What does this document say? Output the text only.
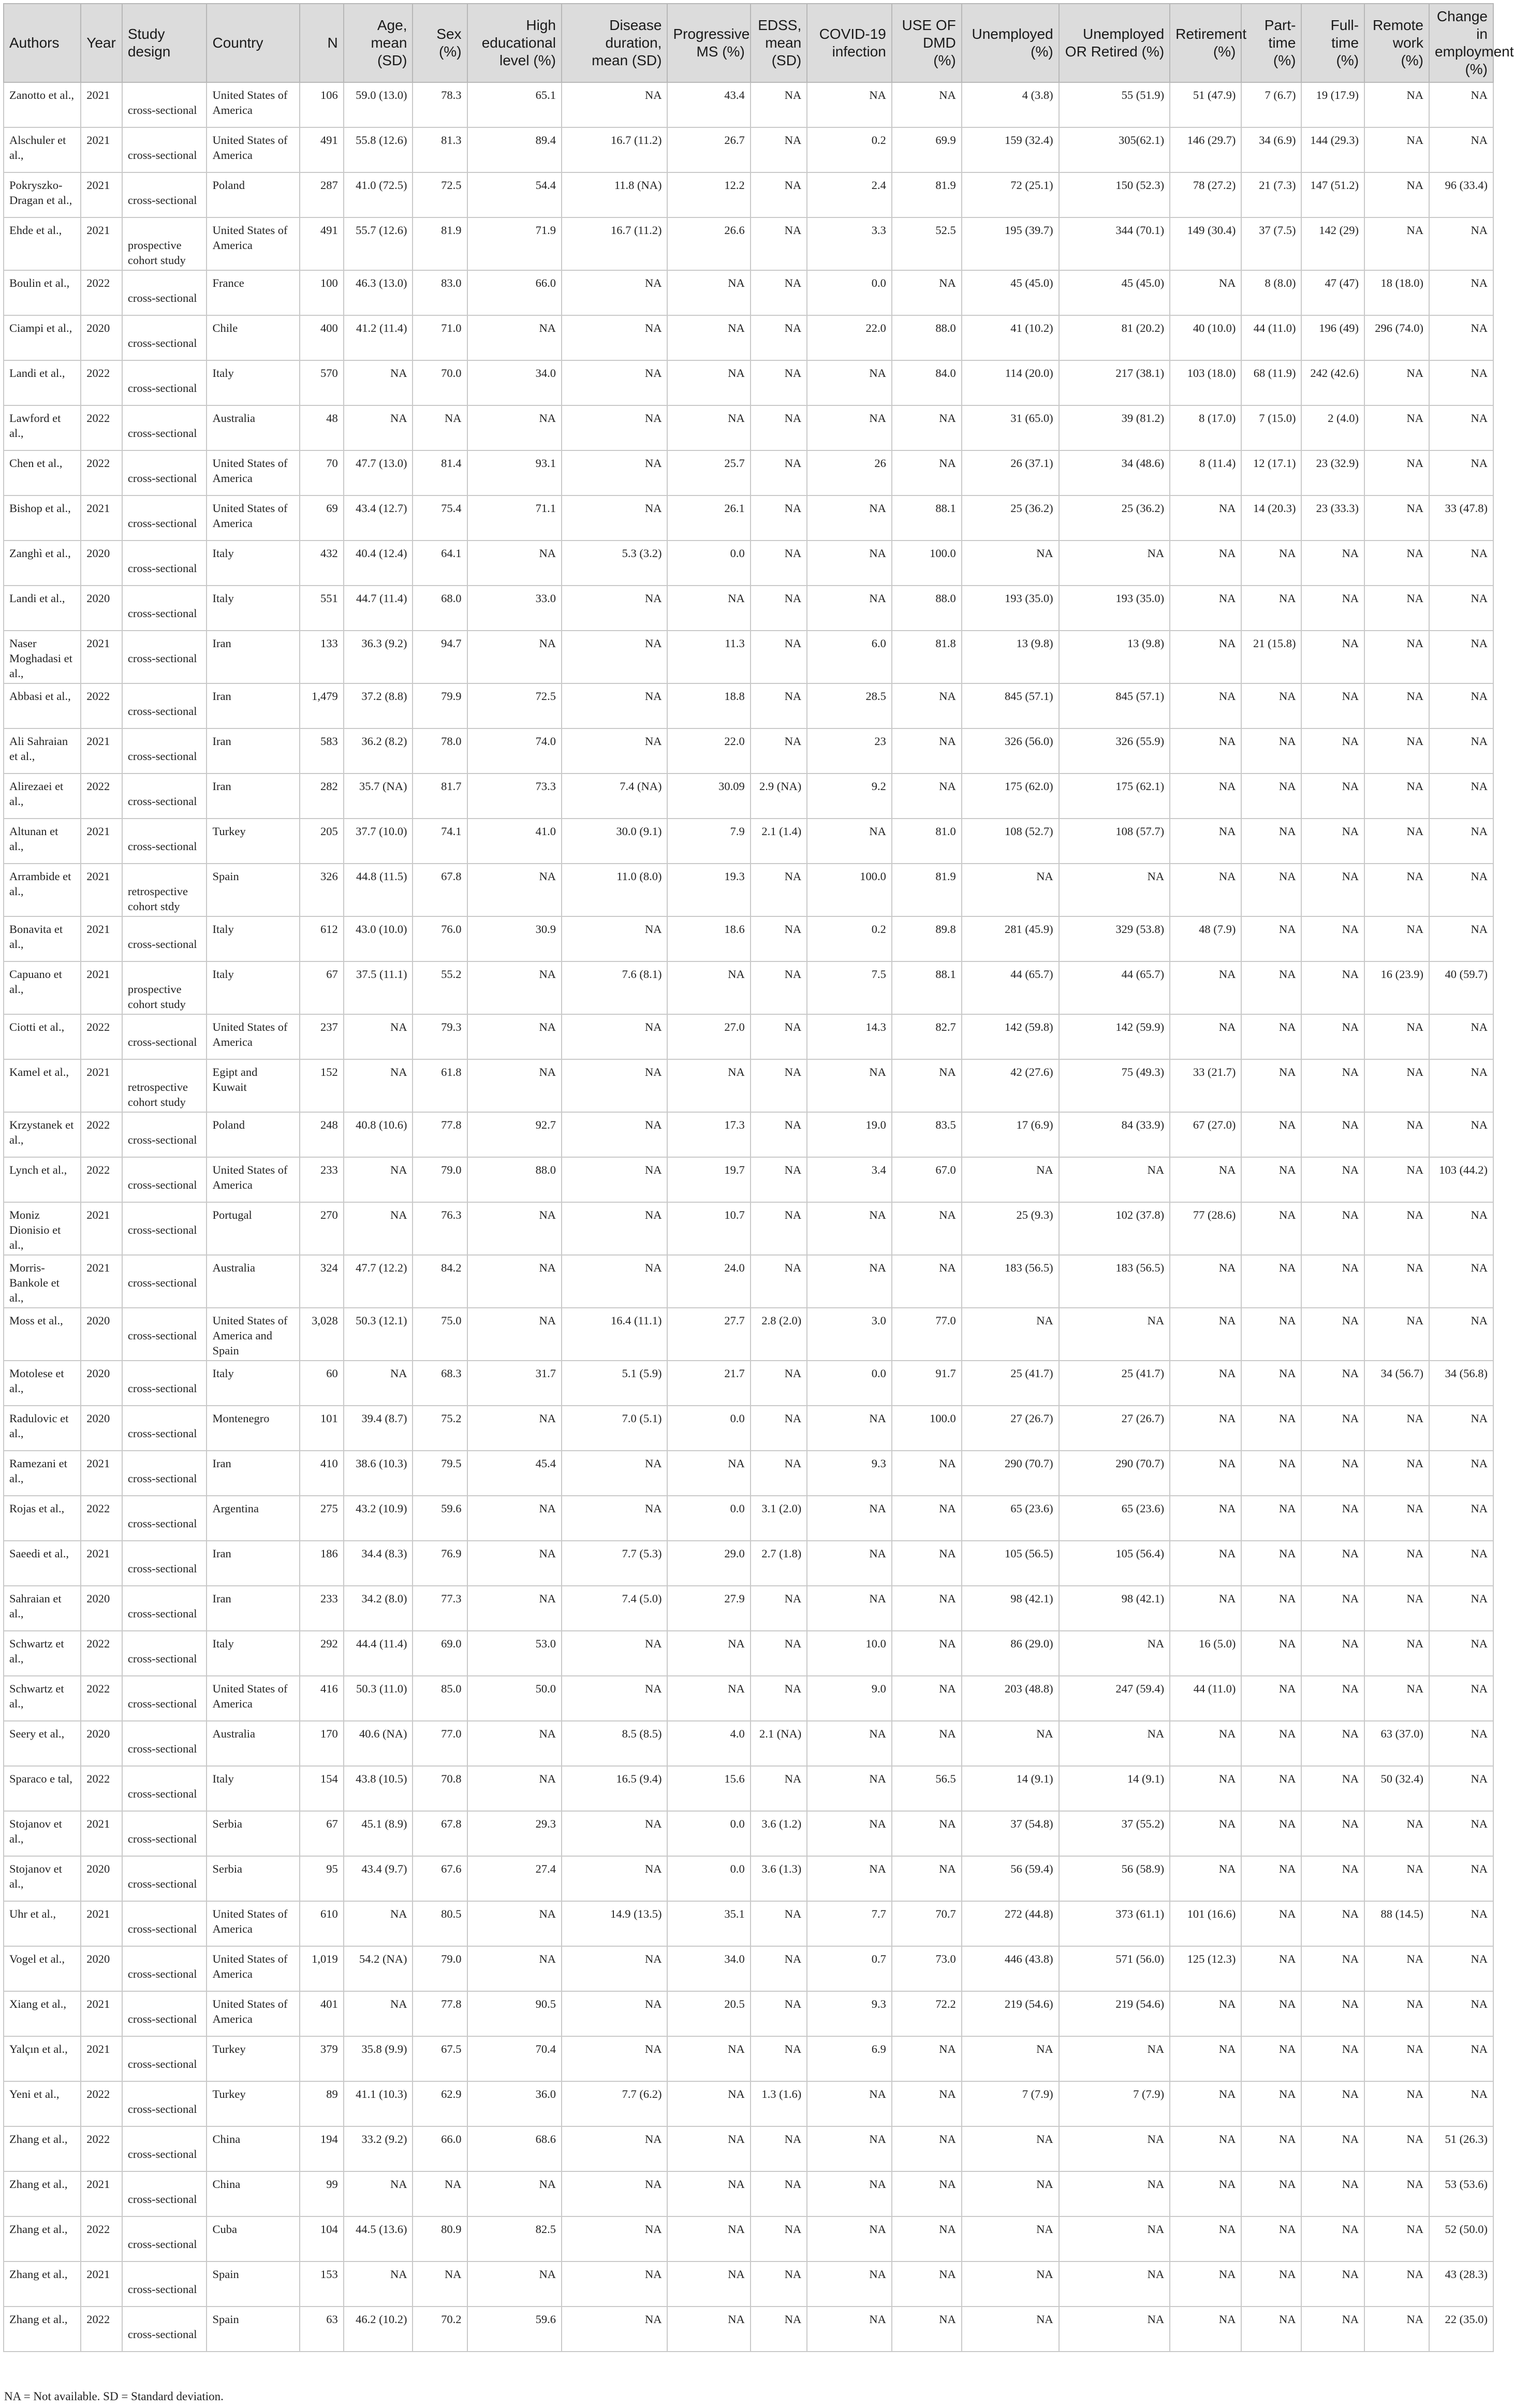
Authors	Year	Study design	Country	N	Age, mean (SD)	Sex (%)	High educational level (%)	Disease duration, mean (SD)	Progressive MS (%)	EDSS, mean (SD)	COVID-19 infection	USE OF DMD (%)	Unemployed (%)	Unemployed OR Retired (%)	Retirement (%)	Part-time (%)	Full-time (%)	Remote work (%)	Change in employment (%)
Zanotto et al.,	2021	cross-sectional	United States of America	106	59.0 (13.0)	78.3	65.1	NA	43.4	NA	NA	NA	4 (3.8)	55 (51.9)	51 (47.9)	7 (6.7)	19 (17.9)	NA	NA
Alschuler et al.,	2021	cross-sectional	United States of America	491	55.8 (12.6)	81.3	89.4	16.7 (11.2)	26.7	NA	0.2	69.9	159 (32.4)	305(62.1)	146 (29.7)	34 (6.9)	144 (29.3)	NA	NA
Pokryszko-Dragan et al.,	2021	cross-sectional	Poland	287	41.0 (72.5)	72.5	54.4	11.8 (NA)	12.2	NA	2.4	81.9	72 (25.1)	150 (52.3)	78 (27.2)	21 (7.3)	147 (51.2)	NA	96 (33.4)
Ehde et al.,	2021	prospective cohort study	United States of America	491	55.7 (12.6)	81.9	71.9	16.7 (11.2)	26.6	NA	3.3	52.5	195 (39.7)	344 (70.1)	149 (30.4)	37 (7.5)	142 (29)	NA	NA
Boulin et al.,	2022	cross-sectional	France	100	46.3 (13.0)	83.0	66.0	NA	NA	NA	0.0	NA	45 (45.0)	45 (45.0)	NA	8 (8.0)	47 (47)	18 (18.0)	NA
Ciampi et al.,	2020	cross-sectional	Chile	400	41.2 (11.4)	71.0	NA	NA	NA	NA	22.0	88.0	41 (10.2)	81 (20.2)	40 (10.0)	44 (11.0)	196 (49)	296 (74.0)	NA
Landi et al.,	2022	cross-sectional	Italy	570	NA	70.0	34.0	NA	NA	NA	NA	84.0	114 (20.0)	217 (38.1)	103 (18.0)	68 (11.9)	242 (42.6)	NA	NA
Lawford et al.,	2022	cross-sectional	Australia	48	NA	NA	NA	NA	NA	NA	NA	NA	31 (65.0)	39 (81.2)	8 (17.0)	7 (15.0)	2 (4.0)	NA	NA
Chen et al.,	2022	cross-sectional	United States of America	70	47.7 (13.0)	81.4	93.1	NA	25.7	NA	26	NA	26 (37.1)	34 (48.6)	8 (11.4)	12 (17.1)	23 (32.9)	NA	NA
Bishop et al.,	2021	cross-sectional	United States of America	69	43.4 (12.7)	75.4	71.1	NA	26.1	NA	NA	88.1	25 (36.2)	25 (36.2)	NA	14 (20.3)	23 (33.3)	NA	33 (47.8)
Zanghì et al.,	2020	cross-sectional	Italy	432	40.4 (12.4)	64.1	NA	5.3 (3.2)	0.0	NA	NA	100.0	NA	NA	NA	NA	NA	NA	NA
Landi et al.,	2020	cross-sectional	Italy	551	44.7 (11.4)	68.0	33.0	NA	NA	NA	NA	88.0	193 (35.0)	193 (35.0)	NA	NA	NA	NA	NA
Naser Moghadasi et al.,	2021	cross-sectional	Iran	133	36.3 (9.2)	94.7	NA	NA	11.3	NA	6.0	81.8	13 (9.8)	13 (9.8)	NA	21 (15.8)	NA	NA	NA
Abbasi et al.,	2022	cross-sectional	Iran	1,479	37.2 (8.8)	79.9	72.5	NA	18.8	NA	28.5	NA	845 (57.1)	845 (57.1)	NA	NA	NA	NA	NA
Ali Sahraian et al.,	2021	cross-sectional	Iran	583	36.2 (8.2)	78.0	74.0	NA	22.0	NA	23	NA	326 (56.0)	326 (55.9)	NA	NA	NA	NA	NA
Alirezaei et al.,	2022	cross-sectional	Iran	282	35.7 (NA)	81.7	73.3	7.4 (NA)	30.09	2.9 (NA)	9.2	NA	175 (62.0)	175 (62.1)	NA	NA	NA	NA	NA
Altunan et al.,	2021	cross-sectional	Turkey	205	37.7 (10.0)	74.1	41.0	30.0 (9.1)	7.9	2.1 (1.4)	NA	81.0	108 (52.7)	108 (57.7)	NA	NA	NA	NA	NA
Arrambide et al.,	2021	retrospective cohort stdy	Spain	326	44.8 (11.5)	67.8	NA	11.0 (8.0)	19.3	NA	100.0	81.9	NA	NA	NA	NA	NA	NA	NA
Bonavita et al.,	2021	cross-sectional	Italy	612	43.0 (10.0)	76.0	30.9	NA	18.6	NA	0.2	89.8	281 (45.9)	329 (53.8)	48 (7.9)	NA	NA	NA	NA
Capuano et al.,	2021	prospective cohort study	Italy	67	37.5 (11.1)	55.2	NA	7.6 (8.1)	NA	NA	7.5	88.1	44 (65.7)	44 (65.7)	NA	NA	NA	16 (23.9)	40 (59.7)
Ciotti et al.,	2022	cross-sectional	United States of America	237	NA	79.3	NA	NA	27.0	NA	14.3	82.7	142 (59.8)	142 (59.9)	NA	NA	NA	NA	NA
Kamel et al.,	2021	retrospective cohort study	Egipt and Kuwait	152	NA	61.8	NA	NA	NA	NA	NA	NA	42 (27.6)	75 (49.3)	33 (21.7)	NA	NA	NA	NA
Krzystanek et al.,	2022	cross-sectional	Poland	248	40.8 (10.6)	77.8	92.7	NA	17.3	NA	19.0	83.5	17 (6.9)	84 (33.9)	67 (27.0)	NA	NA	NA	NA
Lynch et al.,	2022	cross-sectional	United States of America	233	NA	79.0	88.0	NA	19.7	NA	3.4	67.0	NA	NA	NA	NA	NA	NA	103 (44.2)
Moniz Dionisio et al.,	2021	cross-sectional	Portugal	270	NA	76.3	NA	NA	10.7	NA	NA	NA	25 (9.3)	102 (37.8)	77 (28.6)	NA	NA	NA	NA
Morris-Bankole et al.,	2021	cross-sectional	Australia	324	47.7 (12.2)	84.2	NA	NA	24.0	NA	NA	NA	183 (56.5)	183 (56.5)	NA	NA	NA	NA	NA
Moss et al.,	2020	cross-sectional	United States of America and Spain	3,028	50.3 (12.1)	75.0	NA	16.4 (11.1)	27.7	2.8 (2.0)	3.0	77.0	NA	NA	NA	NA	NA	NA	NA
Motolese et al.,	2020	cross-sectional	Italy	60	NA	68.3	31.7	5.1 (5.9)	21.7	NA	0.0	91.7	25 (41.7)	25 (41.7)	NA	NA	NA	34 (56.7)	34 (56.8)
Radulovic et al.,	2020	cross-sectional	Montenegro	101	39.4 (8.7)	75.2	NA	7.0 (5.1)	0.0	NA	NA	100.0	27 (26.7)	27 (26.7)	NA	NA	NA	NA	NA
Ramezani et al.,	2021	cross-sectional	Iran	410	38.6 (10.3)	79.5	45.4	NA	NA	NA	9.3	NA	290 (70.7)	290 (70.7)	NA	NA	NA	NA	NA
Rojas et al.,	2022	cross-sectional	Argentina	275	43.2 (10.9)	59.6	NA	NA	0.0	3.1 (2.0)	NA	NA	65 (23.6)	65 (23.6)	NA	NA	NA	NA	NA
Saeedi et al.,	2021	cross-sectional	Iran	186	34.4 (8.3)	76.9	NA	7.7 (5.3)	29.0	2.7 (1.8)	NA	NA	105 (56.5)	105 (56.4)	NA	NA	NA	NA	NA
Sahraian et al.,	2020	cross-sectional	Iran	233	34.2 (8.0)	77.3	NA	7.4 (5.0)	27.9	NA	NA	NA	98 (42.1)	98 (42.1)	NA	NA	NA	NA	NA
Schwartz et al.,	2022	cross-sectional	Italy	292	44.4 (11.4)	69.0	53.0	NA	NA	NA	10.0	NA	86 (29.0)	NA	16 (5.0)	NA	NA	NA	NA
Schwartz et al.,	2022	cross-sectional	United States of America	416	50.3 (11.0)	85.0	50.0	NA	NA	NA	9.0	NA	203 (48.8)	247 (59.4)	44 (11.0)	NA	NA	NA	NA
Seery et al.,	2020	cross-sectional	Australia	170	40.6 (NA)	77.0	NA	8.5 (8.5)	4.0	2.1 (NA)	NA	NA	NA	NA	NA	NA	NA	63 (37.0)	NA
Sparaco e tal,	2022	cross-sectional	Italy	154	43.8 (10.5)	70.8	NA	16.5 (9.4)	15.6	NA	NA	56.5	14 (9.1)	14 (9.1)	NA	NA	NA	50 (32.4)	NA
Stojanov et al.,	2021	cross-sectional	Serbia	67	45.1 (8.9)	67.8	29.3	NA	0.0	3.6 (1.2)	NA	NA	37 (54.8)	37 (55.2)	NA	NA	NA	NA	NA
Stojanov et al.,	2020	cross-sectional	Serbia	95	43.4 (9.7)	67.6	27.4	NA	0.0	3.6 (1.3)	NA	NA	56 (59.4)	56 (58.9)	NA	NA	NA	NA	NA
Uhr et al.,	2021	cross-sectional	United States of America	610	NA	80.5	NA	14.9 (13.5)	35.1	NA	7.7	70.7	272 (44.8)	373 (61.1)	101 (16.6)	NA	NA	88 (14.5)	NA
Vogel et al.,	2020	cross-sectional	United States of America	1,019	54.2 (NA)	79.0	NA	NA	34.0	NA	0.7	73.0	446 (43.8)	571 (56.0)	125 (12.3)	NA	NA	NA	NA
Xiang et al.,	2021	cross-sectional	United States of America	401	NA	77.8	90.5	NA	20.5	NA	9.3	72.2	219 (54.6)	219 (54.6)	NA	NA	NA	NA	NA
Yalçın et al.,	2021	cross-sectional	Turkey	379	35.8 (9.9)	67.5	70.4	NA	NA	NA	6.9	NA	NA	NA	NA	NA	NA	NA	NA
Yeni et al.,	2022	cross-sectional	Turkey	89	41.1 (10.3)	62.9	36.0	7.7 (6.2)	NA	1.3 (1.6)	NA	NA	7 (7.9)	7 (7.9)	NA	NA	NA	NA	NA
Zhang et al.,	2022	cross-sectional	China	194	33.2 (9.2)	66.0	68.6	NA	NA	NA	NA	NA	NA	NA	NA	NA	NA	NA	51 (26.3)
Zhang et al.,	2021	cross-sectional	China	99	NA	NA	NA	NA	NA	NA	NA	NA	NA	NA	NA	NA	NA	NA	53 (53.6)
Zhang et al.,	2022	cross-sectional	Cuba	104	44.5 (13.6)	80.9	82.5	NA	NA	NA	NA	NA	NA	NA	NA	NA	NA	NA	52 (50.0)
Zhang et al.,	2021	cross-sectional	Spain	153	NA	NA	NA	NA	NA	NA	NA	NA	NA	NA	NA	NA	NA	NA	43 (28.3)
Zhang et al.,	2022	cross-sectional	Spain	63	46.2 (10.2)	70.2	59.6	NA	NA	NA	NA	NA	NA	NA	NA	NA	NA	NA	22 (35.0)
NA = Not available. SD = Standard deviation.
